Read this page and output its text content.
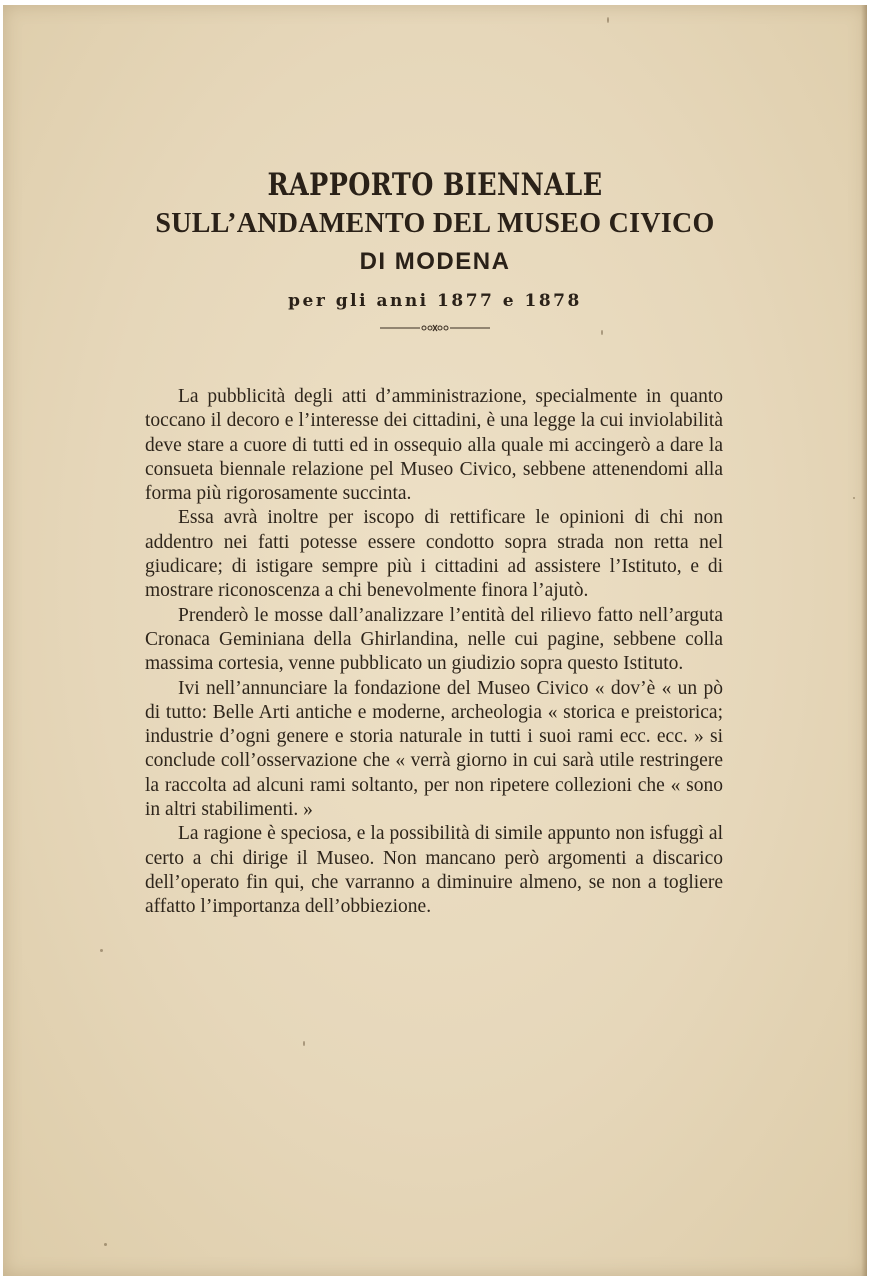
RAPPORTO BIENNALE
SULL’ANDAMENTO DEL MUSEO CIVICO
DI MODENA
per gli anni 1877 e 1878

La pubblicità degli atti d’amministrazione, specialmente in quanto toccano il decoro e l’interesse dei cittadini, è una legge la cui inviolabilità deve stare a cuore di tutti ed in ossequio alla quale mi accingerò a dare la consueta biennale relazione pel Museo Civico, sebbene attenendomi alla forma più rigorosamente succinta.

Essa avrà inoltre per iscopo di rettificare le opinioni di chi non addentro nei fatti potesse essere condotto sopra strada non retta nel giudicare; di istigare sempre più i cittadini ad assistere l’Istituto, e di mostrare riconoscenza a chi benevolmente finora l’ajutò.

Prenderò le mosse dall’analizzare l’entità del rilievo fatto nell’arguta Cronaca Geminiana della Ghirlandina, nelle cui pagine, sebbene colla massima cortesia, venne pubblicato un giudizio sopra questo Istituto.

Ivi nell’annunciare la fondazione del Museo Civico « dov’è « un pò di tutto: Belle Arti antiche e moderne, archeologia « storica e preistorica; industrie d’ogni genere e storia naturale in tutti i suoi rami ecc. ecc. » si conclude coll’osservazione che « verrà giorno in cui sarà utile restringere la raccolta ad alcuni rami soltanto, per non ripetere collezioni che « sono in altri stabilimenti. »

La ragione è speciosa, e la possibilità di simile appunto non isfuggì al certo a chi dirige il Museo. Non mancano però argomenti a discarico dell’operato fin qui, che varranno a diminuire almeno, se non a togliere affatto l’importanza dell’obbiezione.
